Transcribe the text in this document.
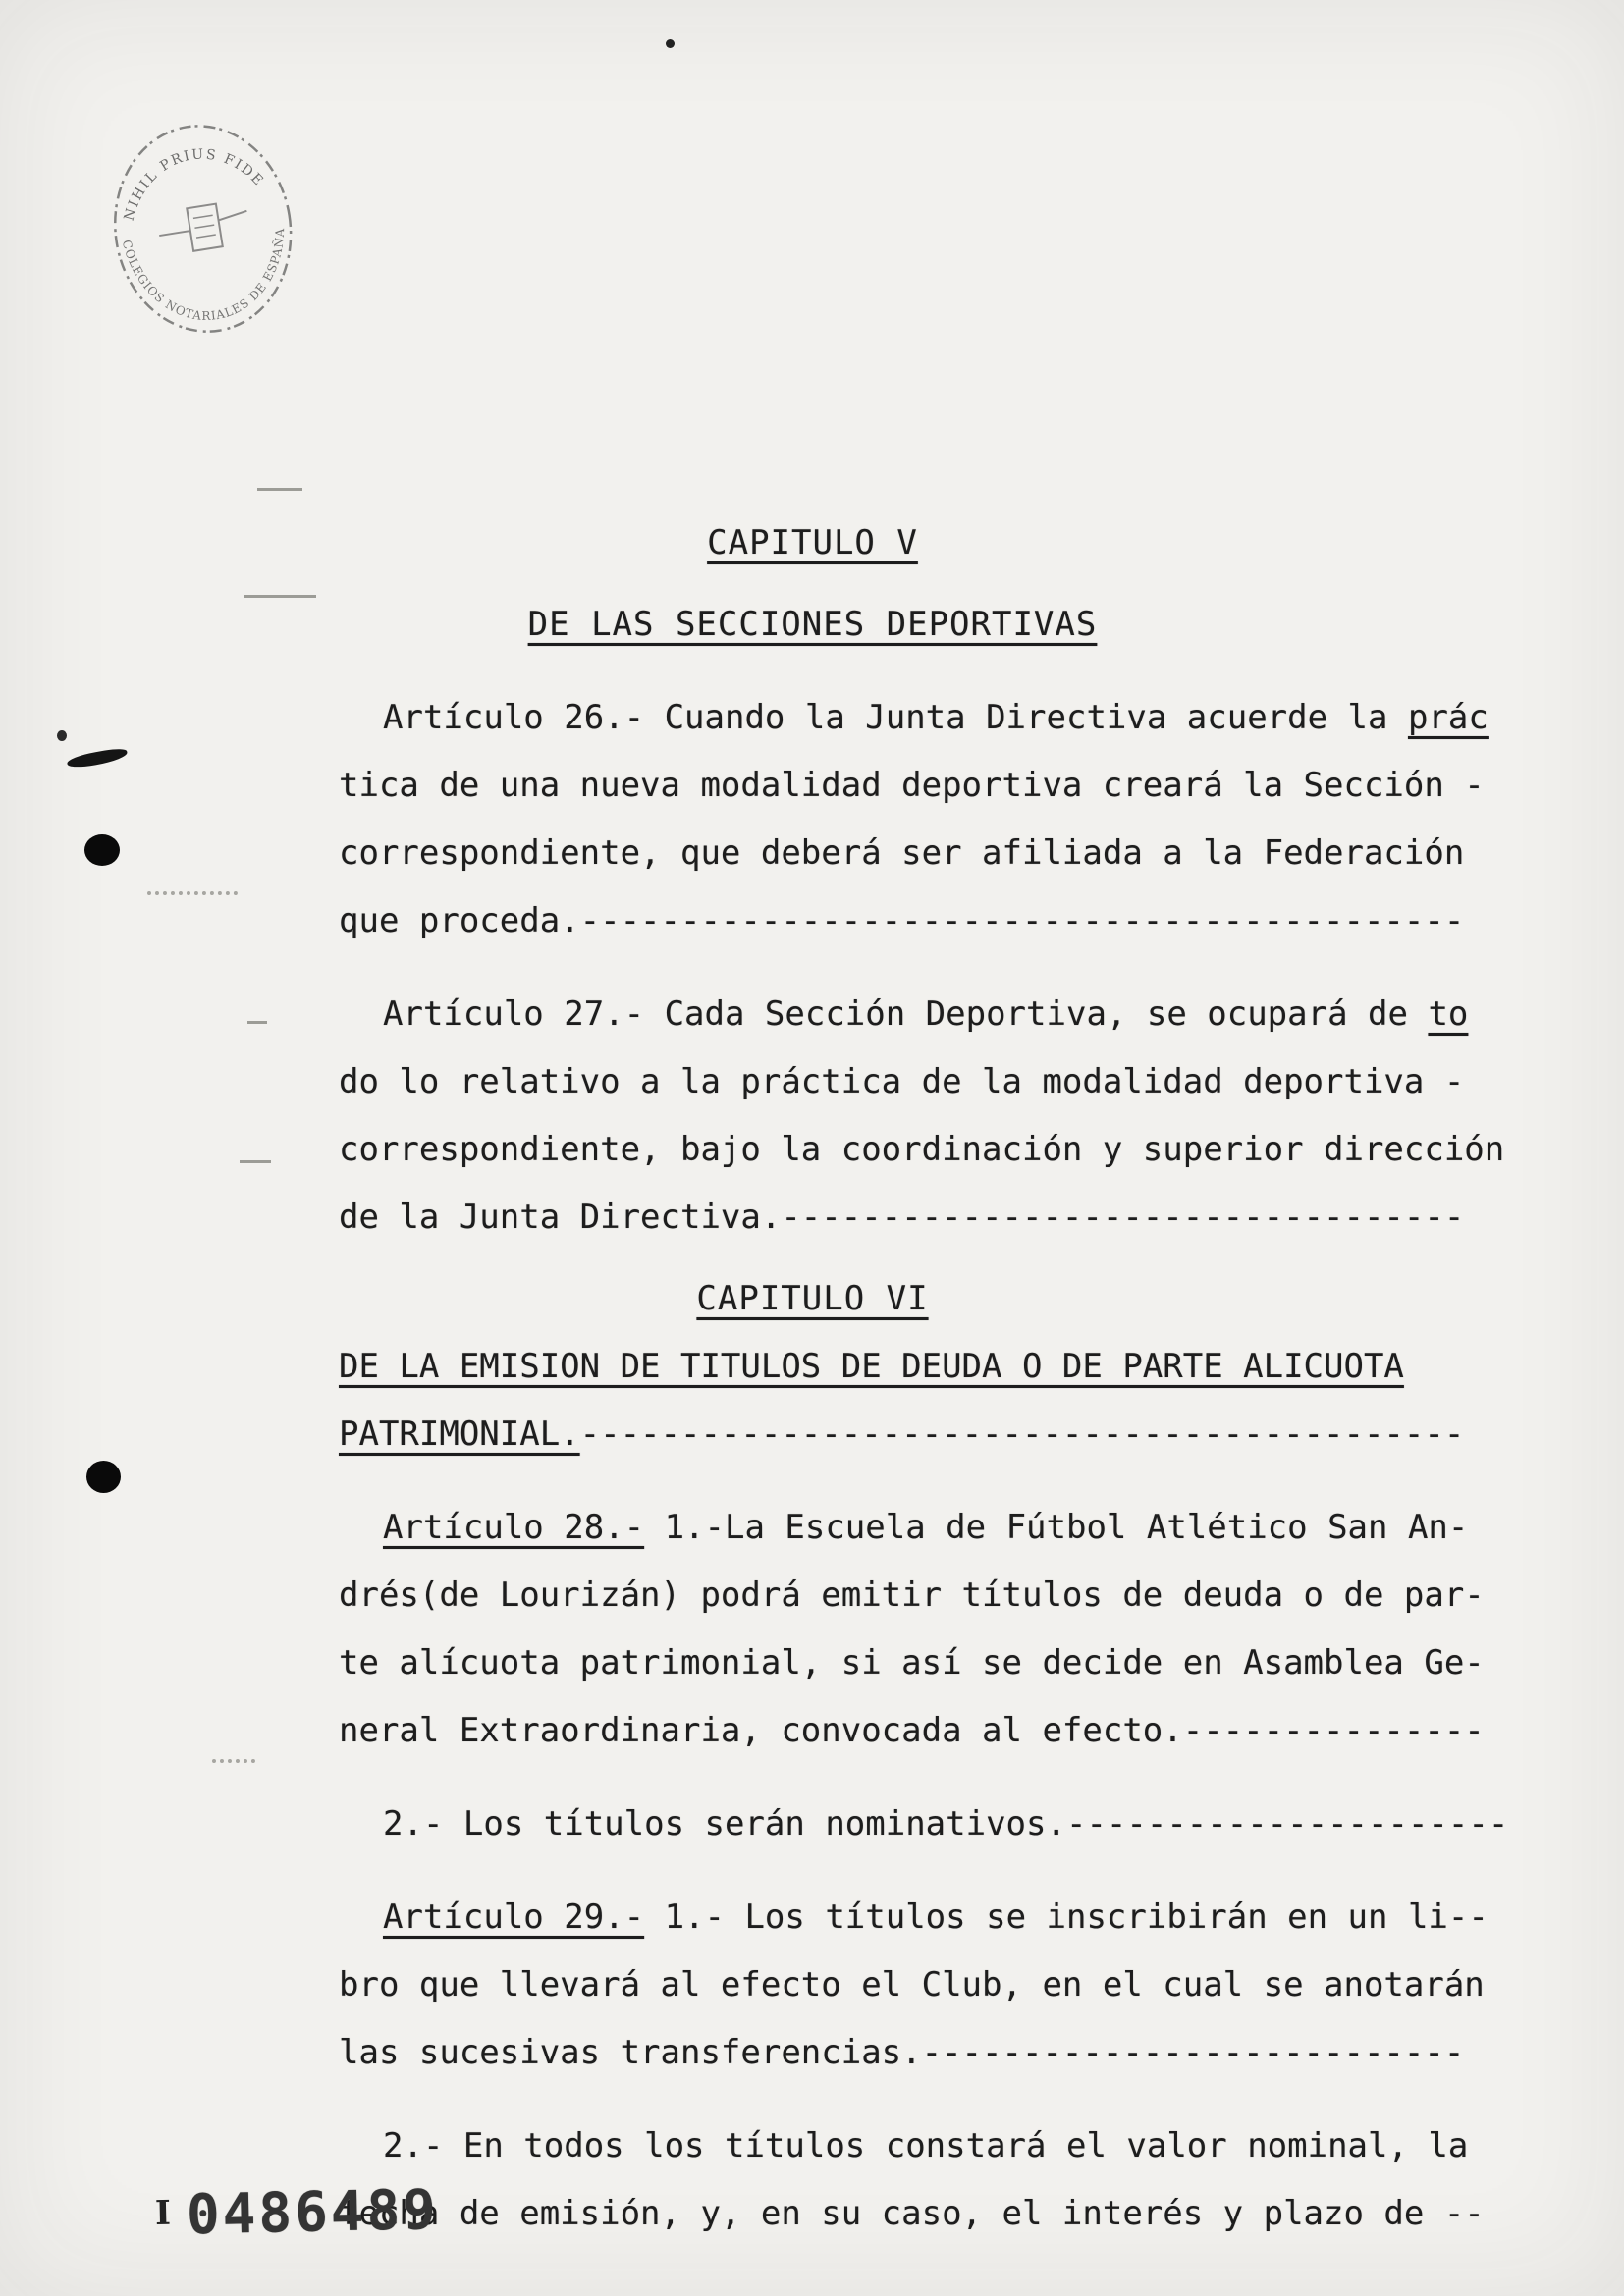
NIHIL PRIUS FIDE
COLEGIOS NOTARIALES DE ESPAÑA
CAPITULO V
DE LAS SECCIONES DEPORTIVAS
Artículo 26.- Cuando la Junta Directiva acuerde la prác
tica de una nueva modalidad deportiva creará la Sección -
correspondiente, que deberá ser afiliada a la Federación
que proceda.--------------------------------------------
Artículo 27.- Cada Sección Deportiva, se ocupará de to
do lo relativo a la práctica de la modalidad deportiva -
correspondiente, bajo la coordinación y superior dirección
de la Junta Directiva.----------------------------------
CAPITULO VI
DE LA EMISION DE TITULOS DE DEUDA O DE PARTE ALICUOTA
PATRIMONIAL.--------------------------------------------
Artículo 28.- 1.-La Escuela de Fútbol Atlético San An-
drés(de Lourizán) podrá emitir títulos de deuda o de par-
te alícuota patrimonial, si así se decide en Asamblea Ge-
neral Extraordinaria, convocada al efecto.---------------
2.- Los títulos serán nominativos.----------------------
Artículo 29.- 1.- Los títulos se inscribirán en un li--
bro que llevará al efecto el Club, en el cual se anotarán
las sucesivas transferencias.---------------------------
2.- En todos los títulos constará el valor nominal, la
fecha de emisión, y, en su caso, el interés y plazo de --
I 0486489
